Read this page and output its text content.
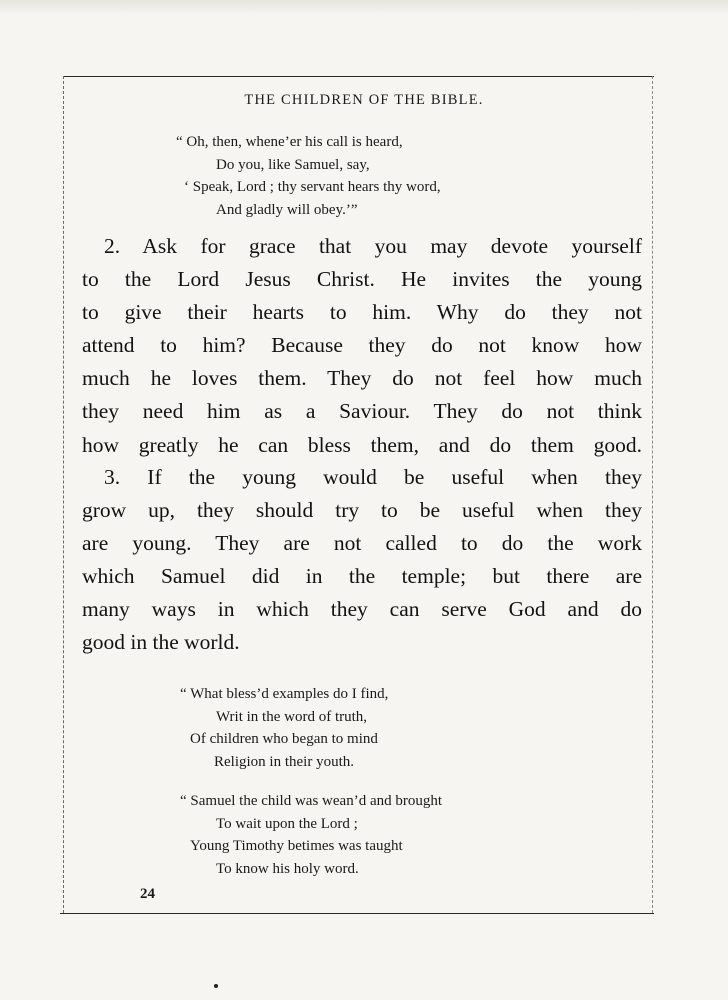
THE CHILDREN OF THE BIBLE.
“ Oh, then, whene’er his call is heard,
Do you, like Samuel, say,
‘ Speak, Lord ; thy servant hears thy word,
And gladly will obey.’”
2. Ask for grace that you may devote yourself
to the Lord Jesus Christ. He invites the young
to give their hearts to him. Why do they not
attend to him? Because they do not know how
much he loves them. They do not feel how much
they need him as a Saviour. They do not think
how greatly he can bless them, and do them good.
3. If the young would be useful when they
grow up, they should try to be useful when they
are young. They are not called to do the work
which Samuel did in the temple; but there are
many ways in which they can serve God and do
good in the world.
“ What bless’d examples do I find,
Writ in the word of truth,
Of children who began to mind
Religion in their youth.
“ Samuel the child was wean’d and brought
To wait upon the Lord ;
Young Timothy betimes was taught
To know his holy word.
24
